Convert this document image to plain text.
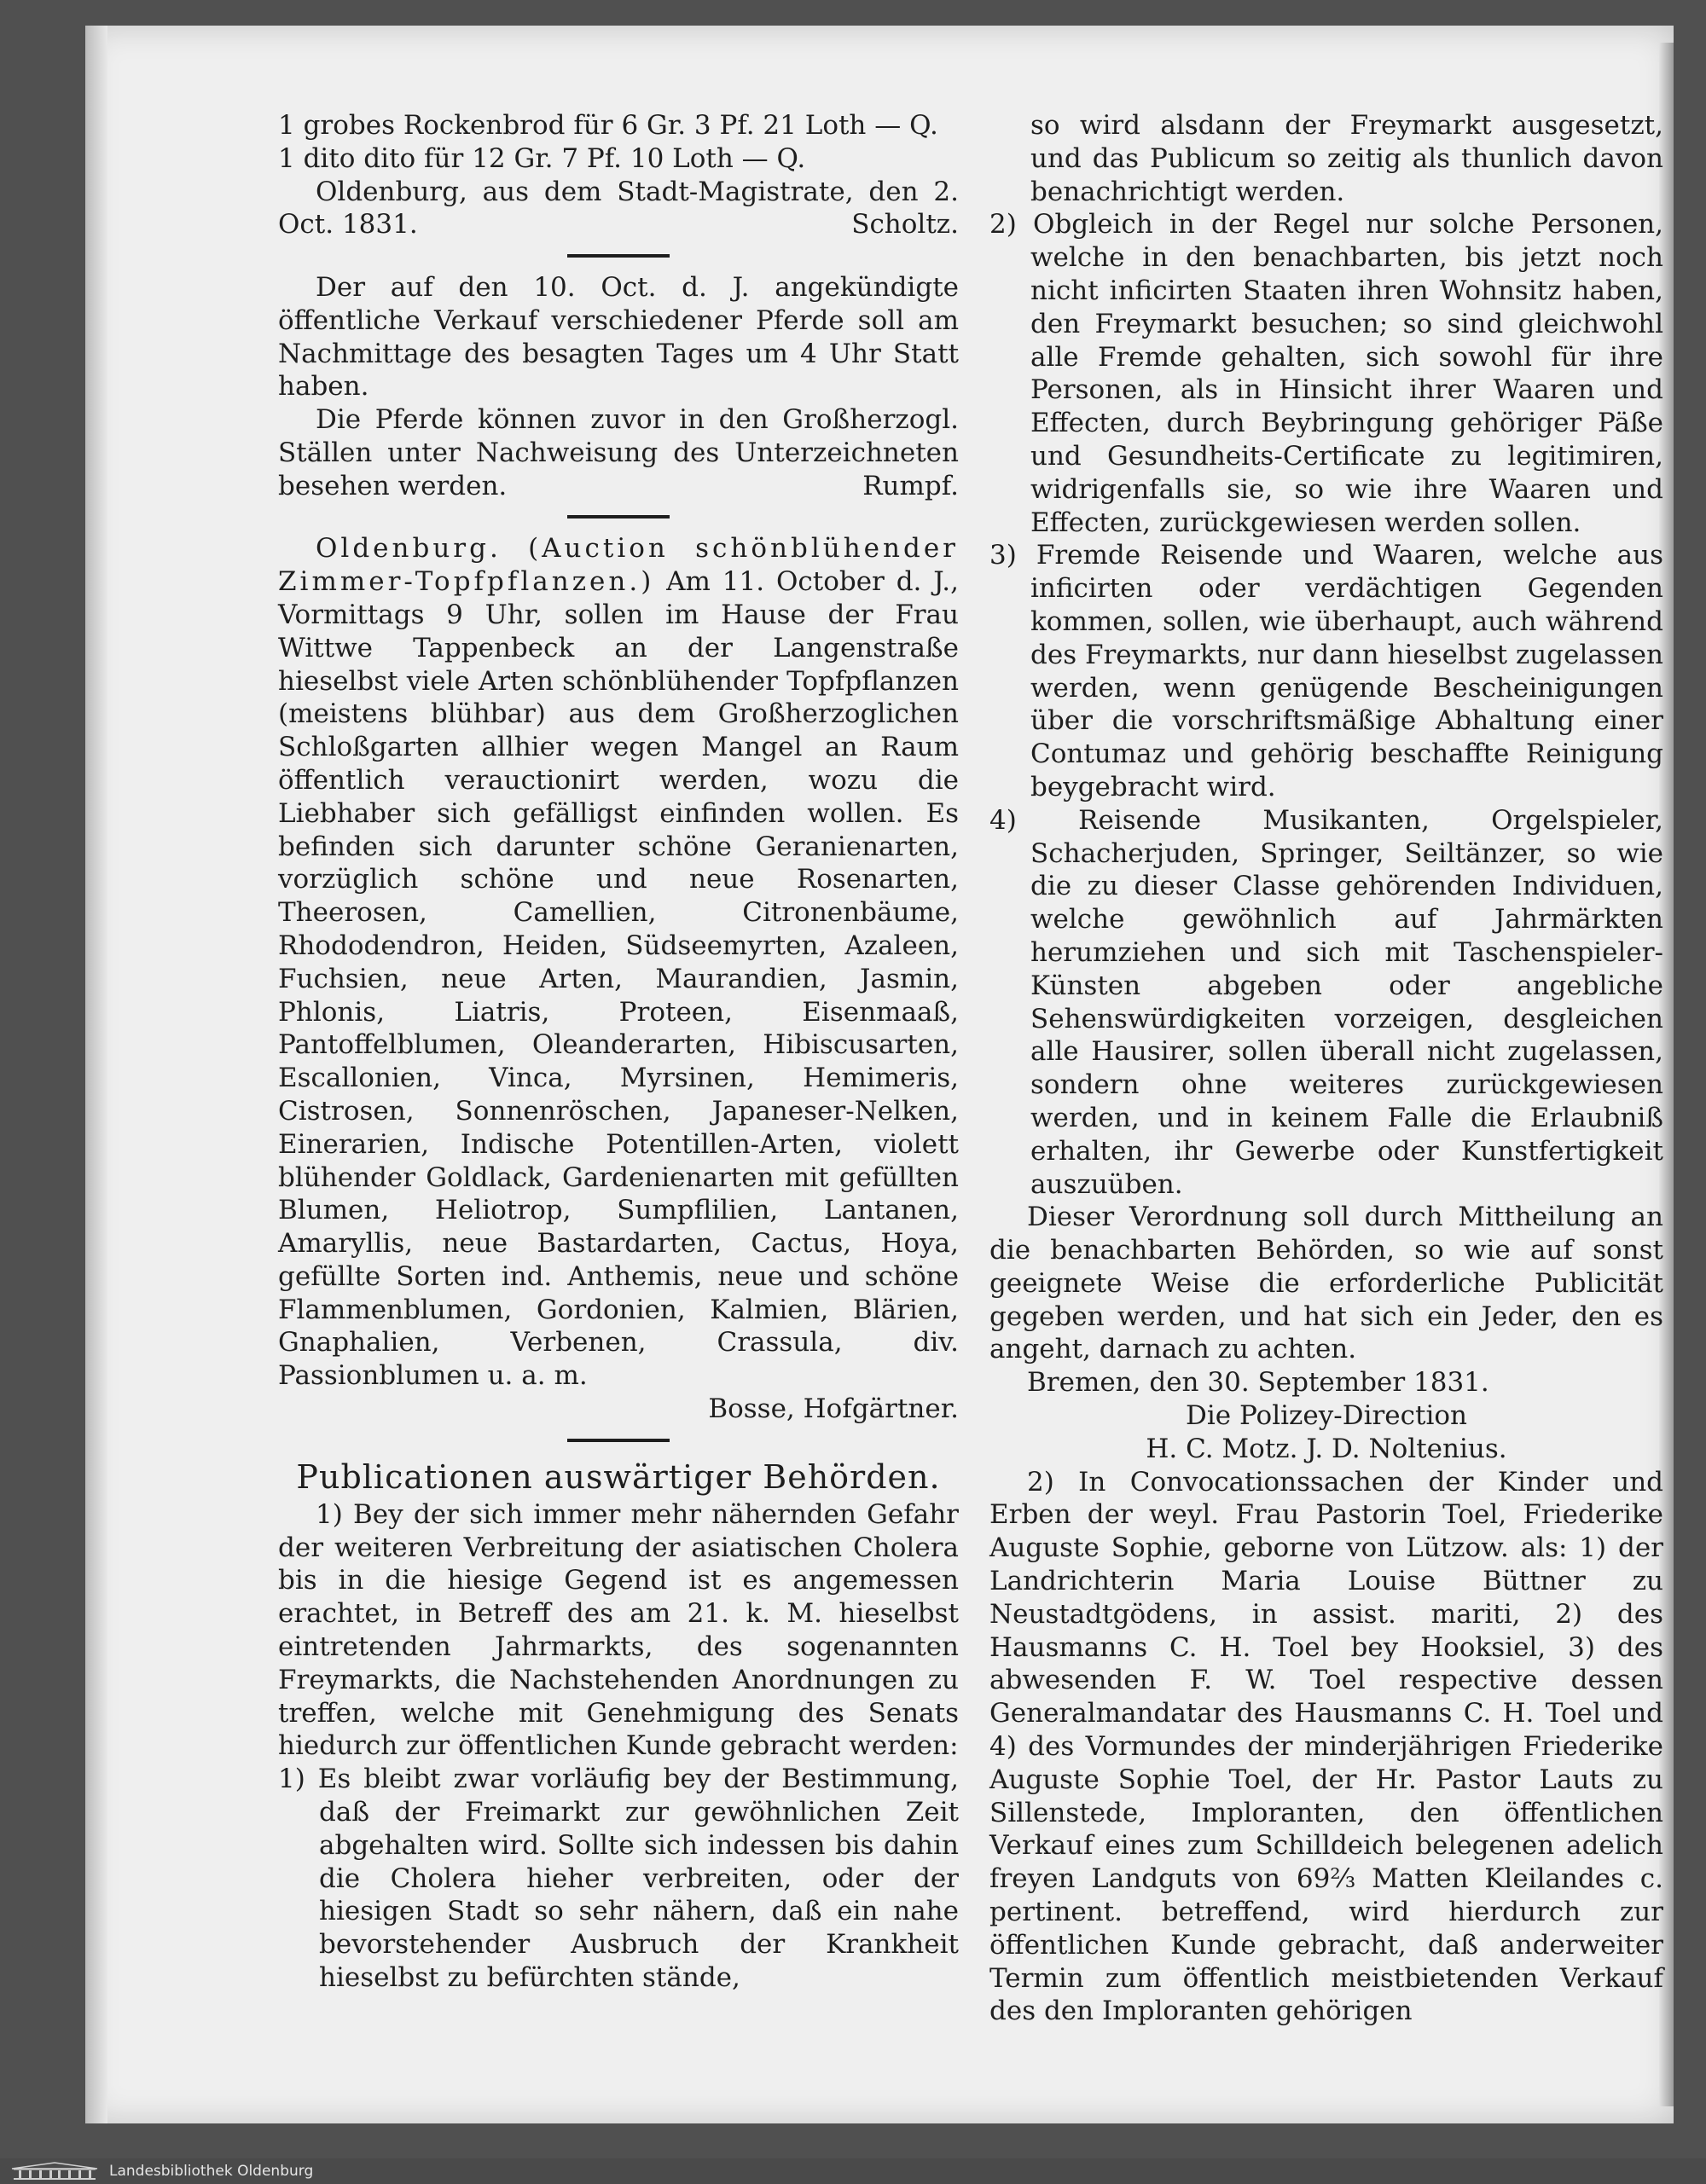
1 grobes Rockenbrod für 6 Gr. 3 Pf. 21 Loth — Q.

1 dito dito für 12 Gr. 7 Pf. 10 Loth — Q.

Oldenburg, aus dem Stadt-Magistrate, den 2. Oct. 1831.	Scholtz.

Der auf den 10. Oct. d. J. angekündigte öffentliche Verkauf verschiedener Pferde soll am Nachmittage des besagten Tages um 4 Uhr Statt haben.

Die Pferde können zuvor in den Großherzogl. Ställen unter Nachweisung des Unterzeichneten besehen werden.	Rumpf.

Oldenburg. (Auction schönblühender Zimmer-Topfpflanzen.) Am 11. October d. J., Vormittags 9 Uhr, sollen im Hause der Frau Wittwe Tappenbeck an der Langenstraße hieselbst viele Arten schönblühender Topfpflanzen (meistens blühbar) aus dem Großherzoglichen Schloßgarten allhier wegen Mangel an Raum öffentlich verauctionirt werden, wozu die Liebhaber sich gefälligst einfinden wollen. Es befinden sich darunter schöne Geranienarten, vorzüglich schöne und neue Rosenarten, Theerosen, Camellien, Citronenbäume, Rhododendron, Heiden, Südseemyrten, Azaleen, Fuchsien, neue Arten, Maurandien, Jasmin, Phlonis, Liatris, Proteen, Eisenmaaß, Pantoffelblumen, Oleanderarten, Hibiscusarten, Escallonien, Vinca, Myrsinen, Hemimeris, Cistrosen, Sonnenröschen, Japaneser-Nelken, Einerarien, Indische Potentillen-Arten, violett blühender Goldlack, Gardenienarten mit gefüllten Blumen, Heliotrop, Sumpflilien, Lantanen, Amaryllis, neue Bastardarten, Cactus, Hoya, gefüllte Sorten ind. Anthemis, neue und schöne Flammenblumen, Gordonien, Kalmien, Blärien, Gnaphalien, Verbenen, Crassula, div. Passionblumen u. a. m.

Bosse, Hofgärtner.

Publicationen auswärtiger Behörden.

1) Bey der sich immer mehr nähernden Gefahr der weiteren Verbreitung der asiatischen Cholera bis in die hiesige Gegend ist es angemessen erachtet, in Betreff des am 21. k. M. hieselbst eintretenden Jahrmarkts, des sogenannten Freymarkts, die Nachstehenden Anordnungen zu treffen, welche mit Genehmigung des Senats hiedurch zur öffentlichen Kunde gebracht werden:

1) Es bleibt zwar vorläufig bey der Bestimmung, daß der Freimarkt zur gewöhnlichen Zeit abgehalten wird. Sollte sich indessen bis dahin die Cholera hieher verbreiten, oder der hiesigen Stadt so sehr nähern, daß ein nahe bevorstehender Ausbruch der Krankheit hieselbst zu befürchten stände,

so wird alsdann der Freymarkt ausgesetzt, und das Publicum so zeitig als thunlich davon benachrichtigt werden.

2) Obgleich in der Regel nur solche Personen, welche in den benachbarten, bis jetzt noch nicht inficirten Staaten ihren Wohnsitz haben, den Freymarkt besuchen; so sind gleichwohl alle Fremde gehalten, sich sowohl für ihre Personen, als in Hinsicht ihrer Waaren und Effecten, durch Beybringung gehöriger Päße und Gesundheits-Certificate zu legitimiren, widrigenfalls sie, so wie ihre Waaren und Effecten, zurückgewiesen werden sollen.

3) Fremde Reisende und Waaren, welche aus inficirten oder verdächtigen Gegenden kommen, sollen, wie überhaupt, auch während des Freymarkts, nur dann hieselbst zugelassen werden, wenn genügende Bescheinigungen über die vorschriftsmäßige Abhaltung einer Contumaz und gehörig beschaffte Reinigung beygebracht wird.

4) Reisende Musikanten, Orgelspieler, Schacherjuden, Springer, Seiltänzer, so wie die zu dieser Classe gehörenden Individuen, welche gewöhnlich auf Jahrmärkten herumziehen und sich mit Taschenspieler-Künsten abgeben oder angebliche Sehenswürdigkeiten vorzeigen, desgleichen alle Hausirer, sollen überall nicht zugelassen, sondern ohne weiteres zurückgewiesen werden, und in keinem Falle die Erlaubniß erhalten, ihr Gewerbe oder Kunstfertigkeit auszuüben.

Dieser Verordnung soll durch Mittheilung an die benachbarten Behörden, so wie auf sonst geeignete Weise die erforderliche Publicität gegeben werden, und hat sich ein Jeder, den es angeht, darnach zu achten.

Bremen, den 30. September 1831.

Die Polizey-Direction

H. C. Motz. J. D. Noltenius.

2) In Convocationssachen der Kinder und Erben der weyl. Frau Pastorin Toel, Friederike Auguste Sophie, geborne von Lützow. als: 1) der Landrichterin Maria Louise Büttner zu Neustadtgödens, in assist. mariti, 2) des Hausmanns C. H. Toel bey Hooksiel, 3) des abwesenden F. W. Toel respective dessen Generalmandatar des Hausmanns C. H. Toel und 4) des Vormundes der minderjährigen Friederike Auguste Sophie Toel, der Hr. Pastor Lauts zu Sillenstede, Imploranten, den öffentlichen Verkauf eines zum Schilldeich belegenen adelich freyen Landguts von 69⅔ Matten Kleilandes c. pertinent. betreffend, wird hierdurch zur öffentlichen Kunde gebracht, daß anderweiter Termin zum öffentlich meistbietenden Verkauf des den Imploranten gehörigen

Landesbibliothek Oldenburg
